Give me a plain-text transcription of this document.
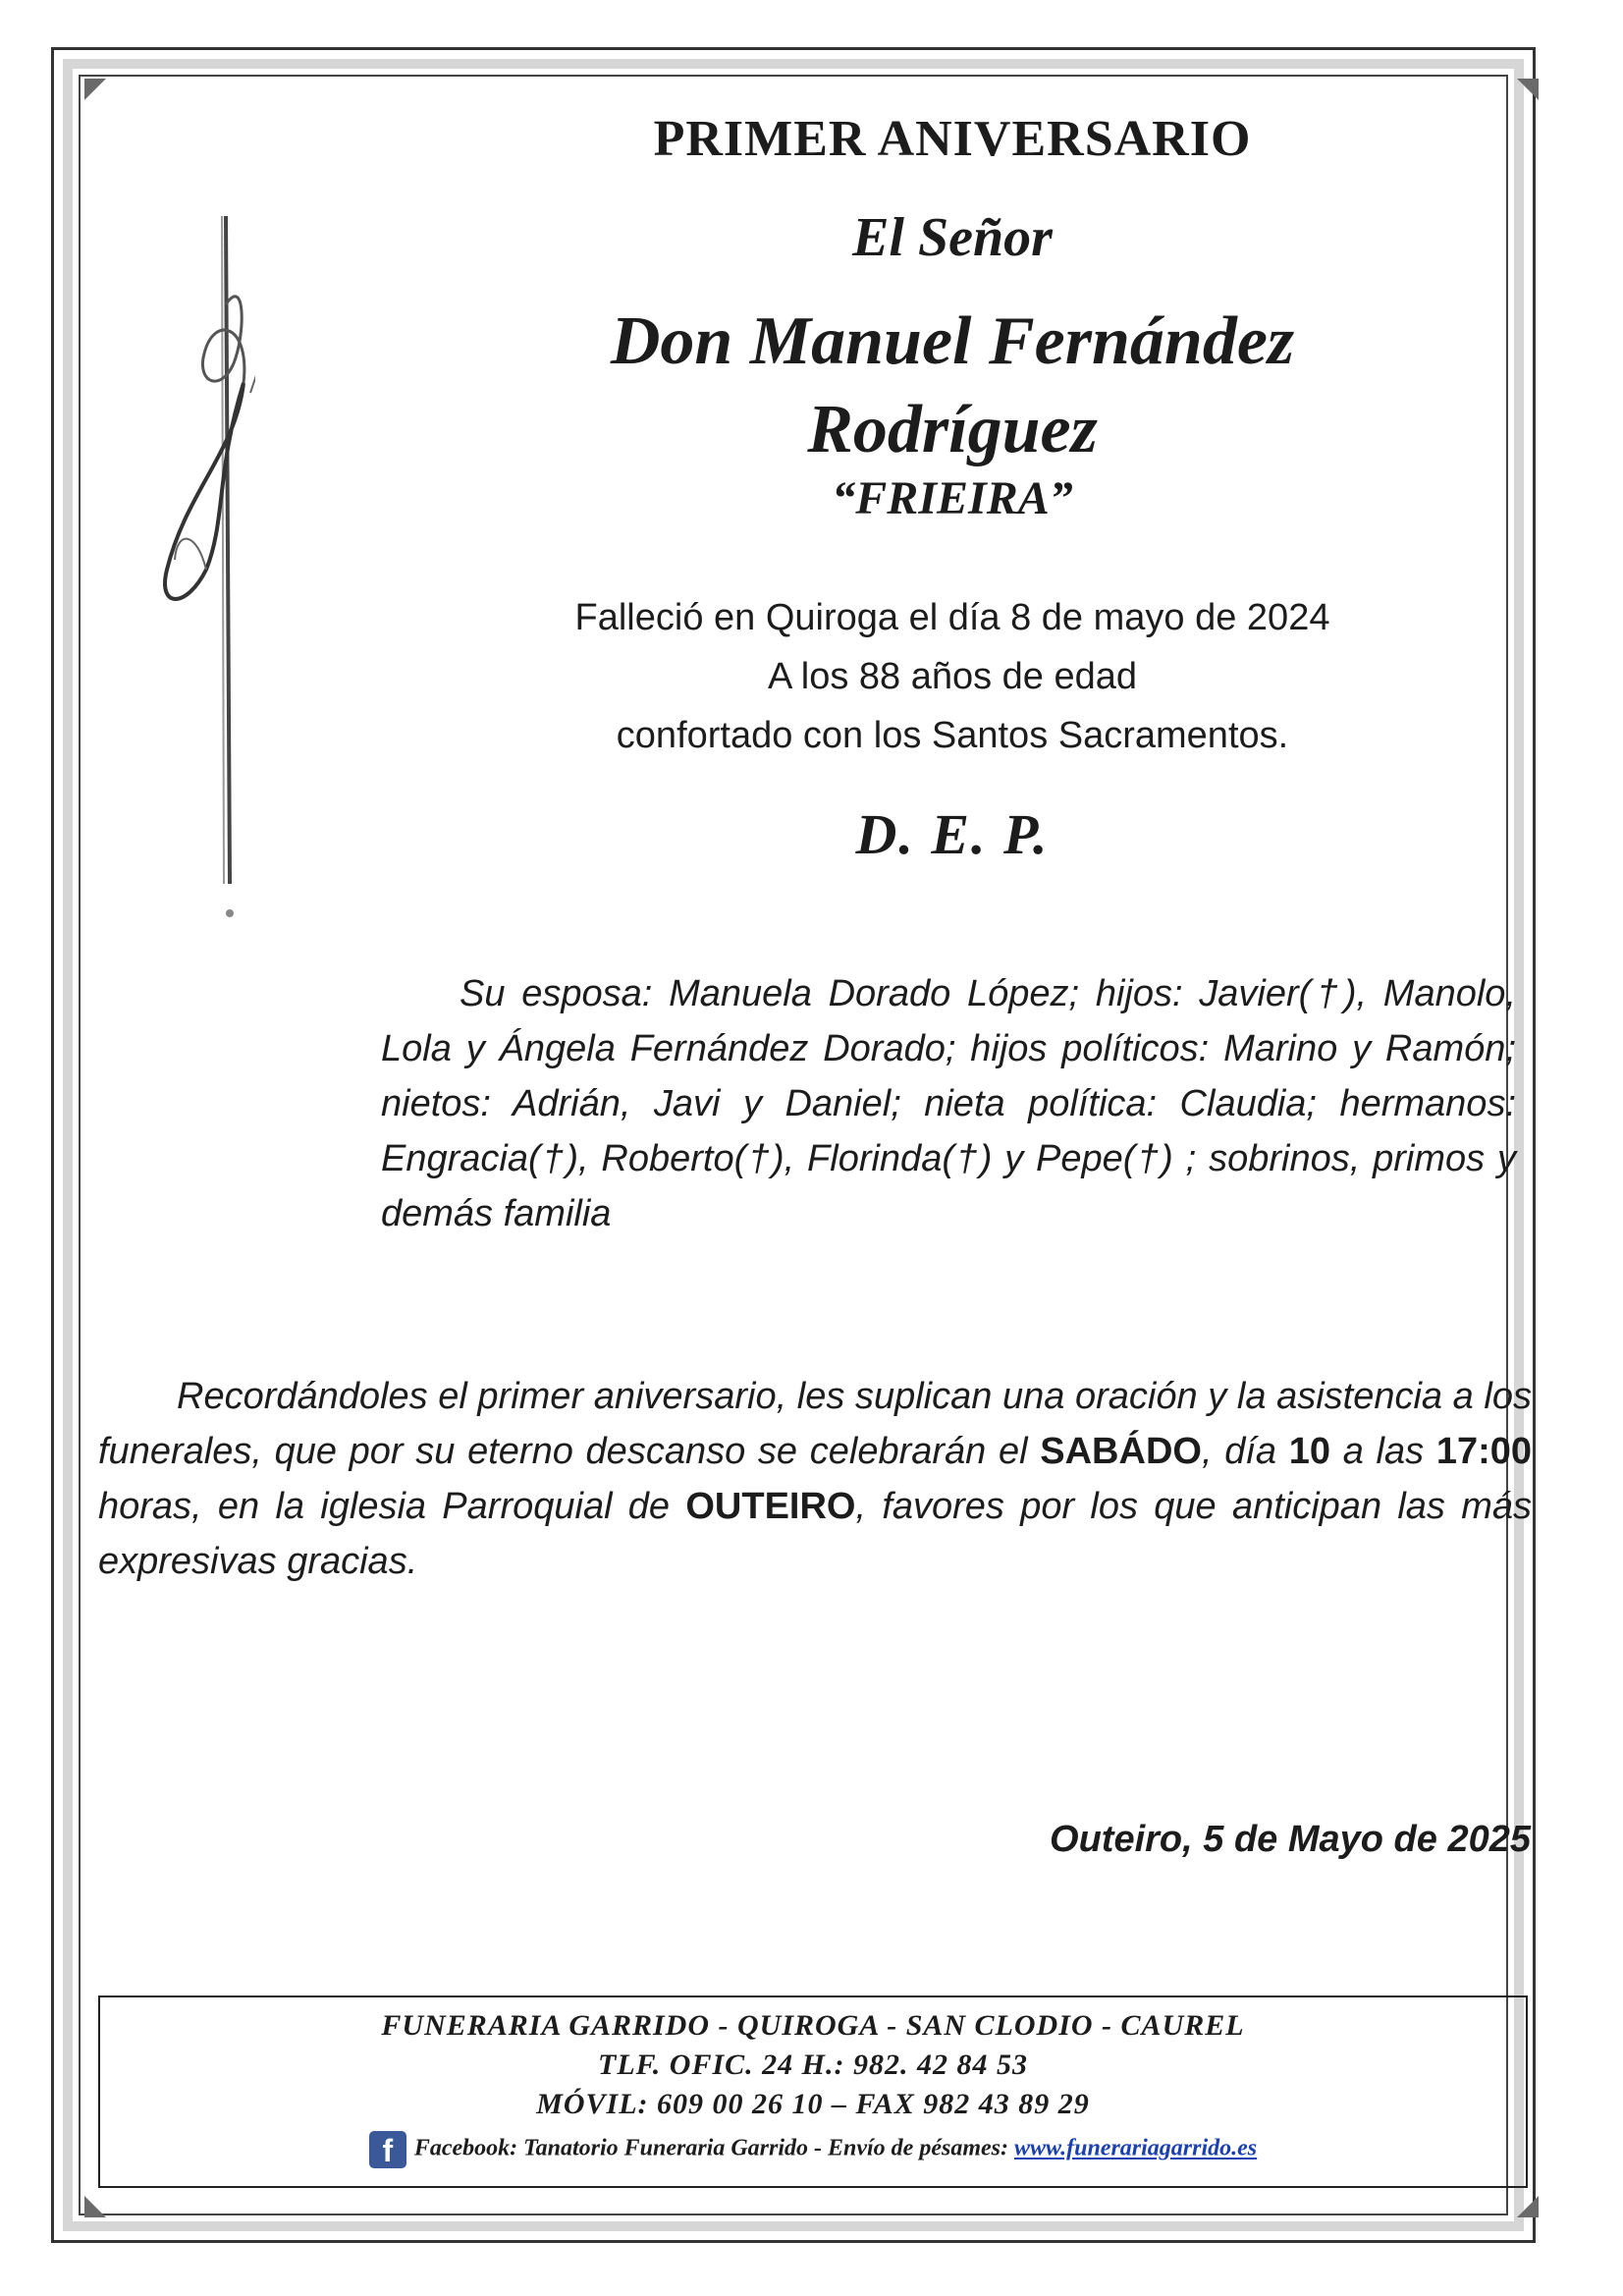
PRIMER ANIVERSARIO
El Señor
Don Manuel Fernández
Rodríguez
“FRIEIRA”
Falleció en Quiroga el día 8 de mayo de 2024
A los 88 años de edad
confortado con los Santos Sacramentos.
D. E. P.
Su esposa: Manuela Dorado López; hijos: Javier(†), Manolo, Lola y Ángela Fernández Dorado; hijos políticos: Marino y Ramón; nietos: Adrián, Javi y Daniel; nieta política: Claudia; hermanos: Engracia(†), Roberto(†), Florinda(†) y Pepe(†) ; sobrinos, primos y demás familia
Recordándoles el primer aniversario, les suplican una oración y la asistencia a los funerales, que por su eterno descanso se celebrarán el SABÁDO, día 10 a las 17:00 horas, en la iglesia Parroquial de OUTEIRO, favores por los que anticipan las más expresivas gracias.
Outeiro, 5 de Mayo de 2025
FUNERARIA GARRIDO - QUIROGA - SAN CLODIO - CAUREL
TLF. OFIC. 24 H.: 982. 42 84 53
MÓVIL: 609 00 26 10 – FAX 982 43 89 29
f Facebook: Tanatorio Funeraria Garrido - Envío de pésames: www.funerariagarrido.es
